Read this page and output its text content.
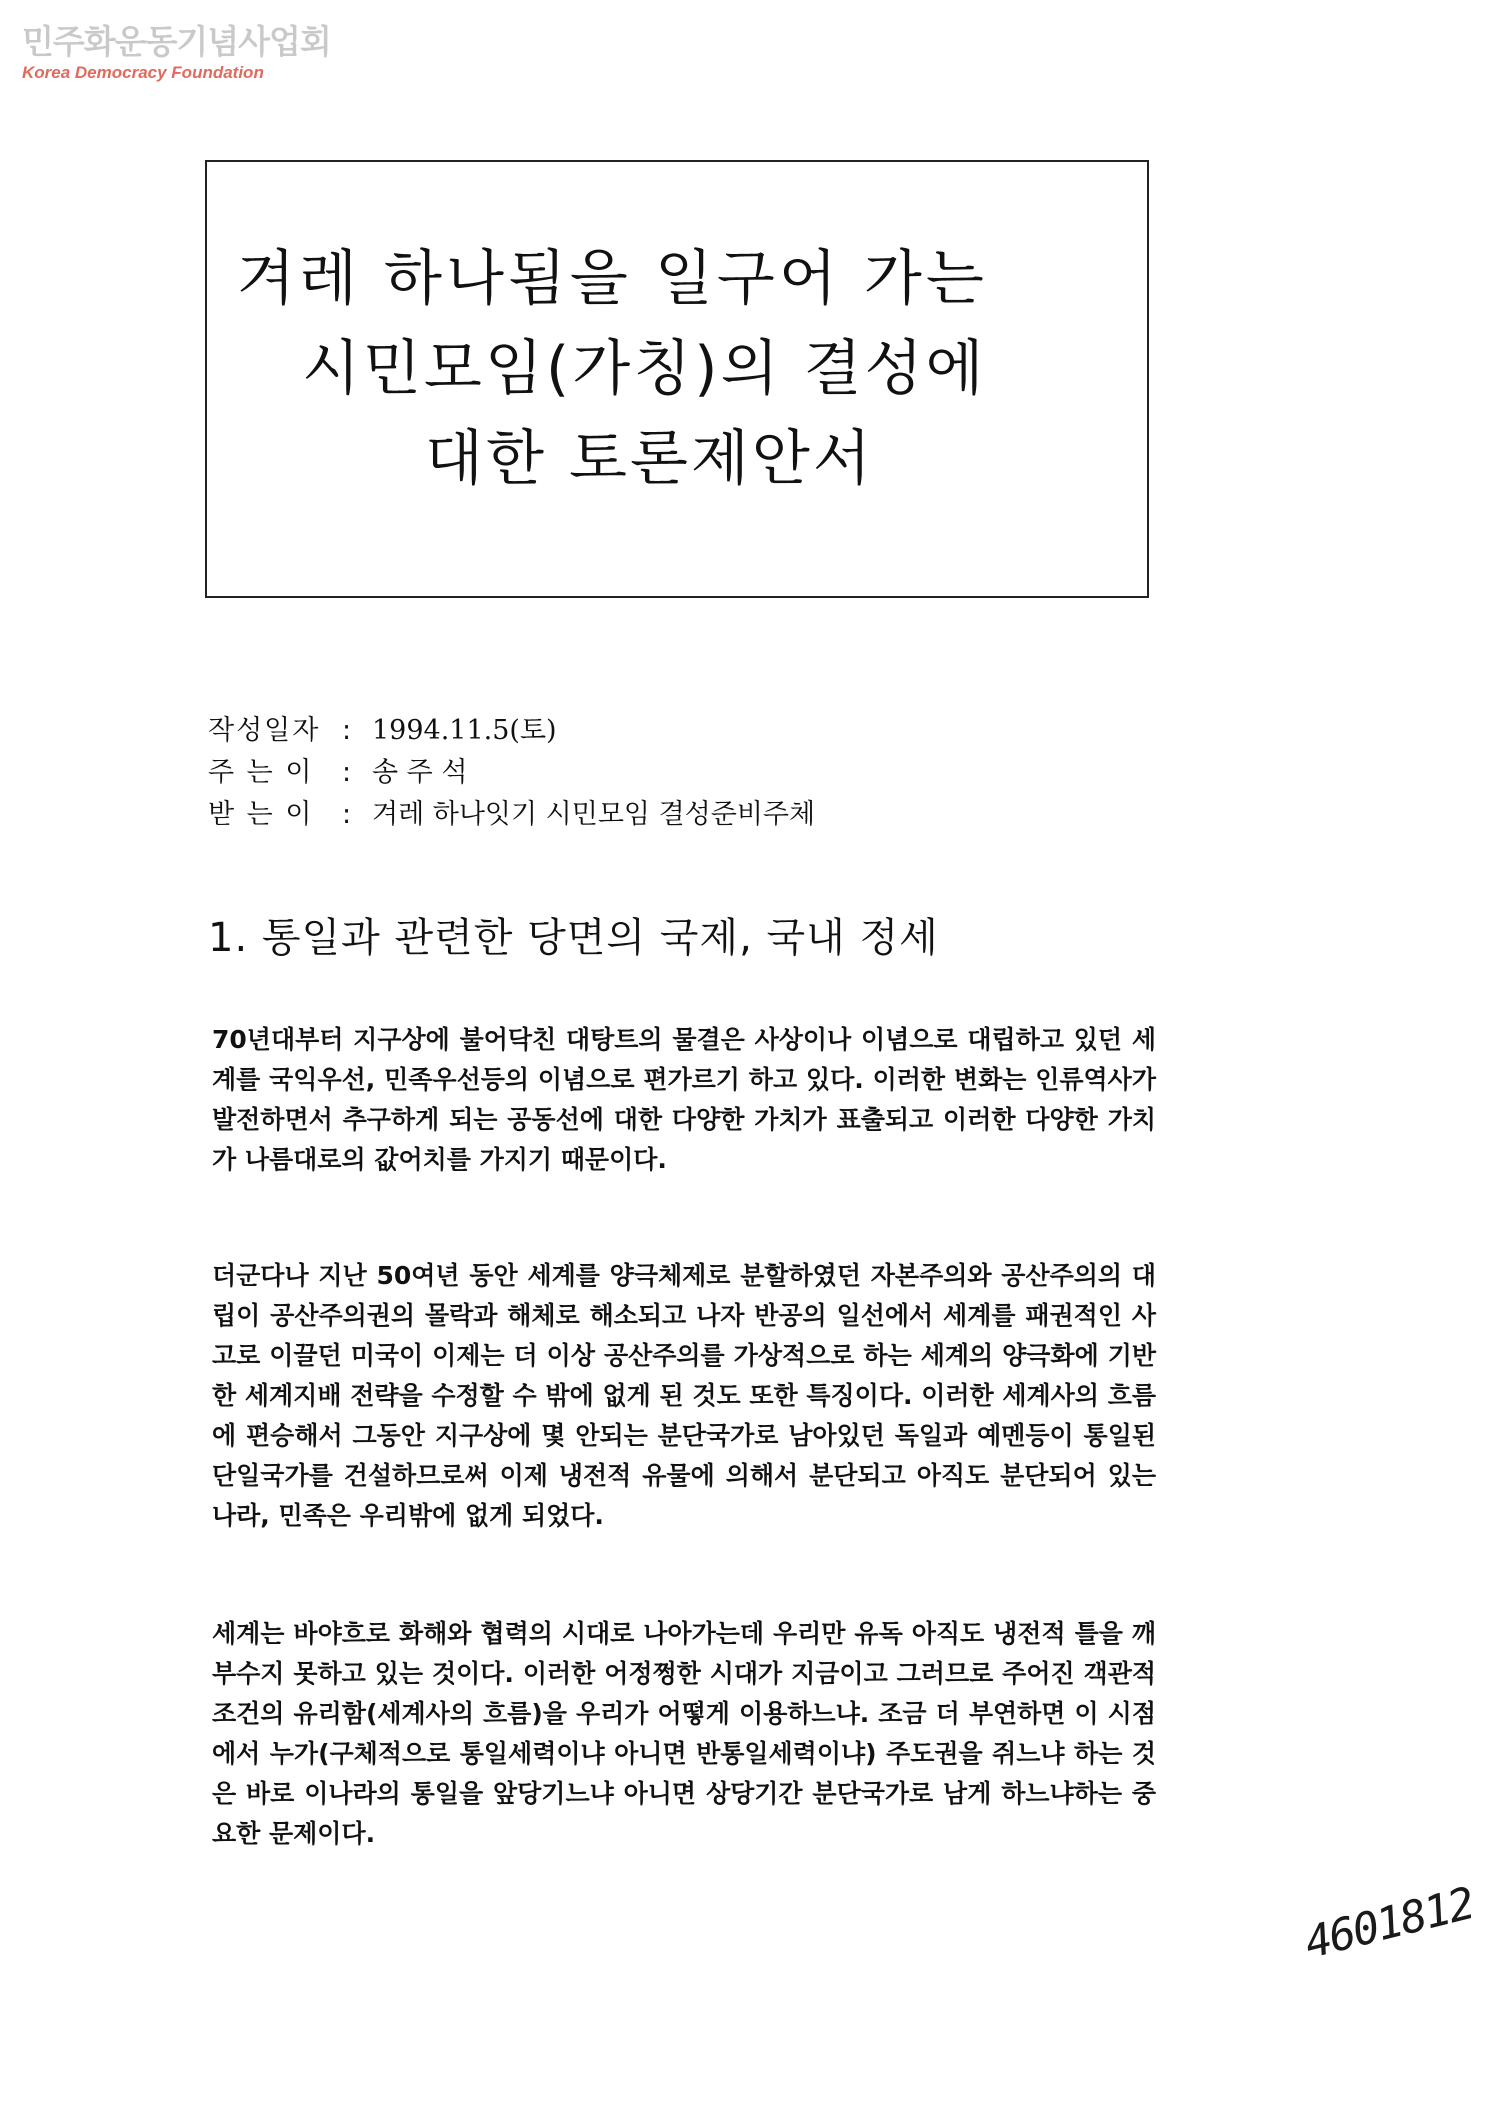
민주화운동기념사업회
Korea Democracy Foundation
겨레 하나됨을 일구어 가는
시민모임(가칭)의 결성에
대한 토론제안서
작성일자 : 1994.11.5(토)
주 는 이 : 송 주 석
받 는 이 : 겨레 하나잇기 시민모임 결성준비주체
1. 통일과 관련한 당면의 국제, 국내 정세
70년대부터 지구상에 불어닥친 대탕트의 물결은 사상이나 이념으로 대립하고 있던 세계를 국익우선, 민족우선등의 이념으로 편가르기 하고 있다. 이러한 변화는 인류역사가 발전하면서 추구하게 되는 공동선에 대한 다양한 가치가 표출되고 이러한 다양한 가치가 나름대로의 값어치를 가지기 때문이다.
더군다나 지난 50여년 동안 세계를 양극체제로 분할하였던 자본주의와 공산주의의 대립이 공산주의권의 몰락과 해체로 해소되고 나자 반공의 일선에서 세계를 패권적인 사고로 이끌던 미국이 이제는 더 이상 공산주의를 가상적으로 하는 세계의 양극화에 기반한 세계지배 전략을 수정할 수 밖에 없게 된 것도 또한 특징이다. 이러한 세계사의 흐름에 편승해서 그동안 지구상에 몇 안되는 분단국가로 남아있던 독일과 예멘등이 통일된 단일국가를 건설하므로써 이제 냉전적 유물에 의해서 분단되고 아직도 분단되어 있는 나라, 민족은 우리밖에 없게 되었다.
세계는 바야흐로 화해와 협력의 시대로 나아가는데 우리만 유독 아직도 냉전적 틀을 깨부수지 못하고 있는 것이다. 이러한 어정쩡한 시대가 지금이고 그러므로 주어진 객관적조건의 유리함(세계사의 흐름)을 우리가 어떻게 이용하느냐. 조금 더 부연하면 이 시점에서 누가(구체적으로 통일세력이냐 아니면 반통일세력이냐) 주도권을 쥐느냐 하는 것은 바로 이나라의 통일을 앞당기느냐 아니면 상당기간 분단국가로 남게 하느냐하는 중요한 문제이다.
4601812
